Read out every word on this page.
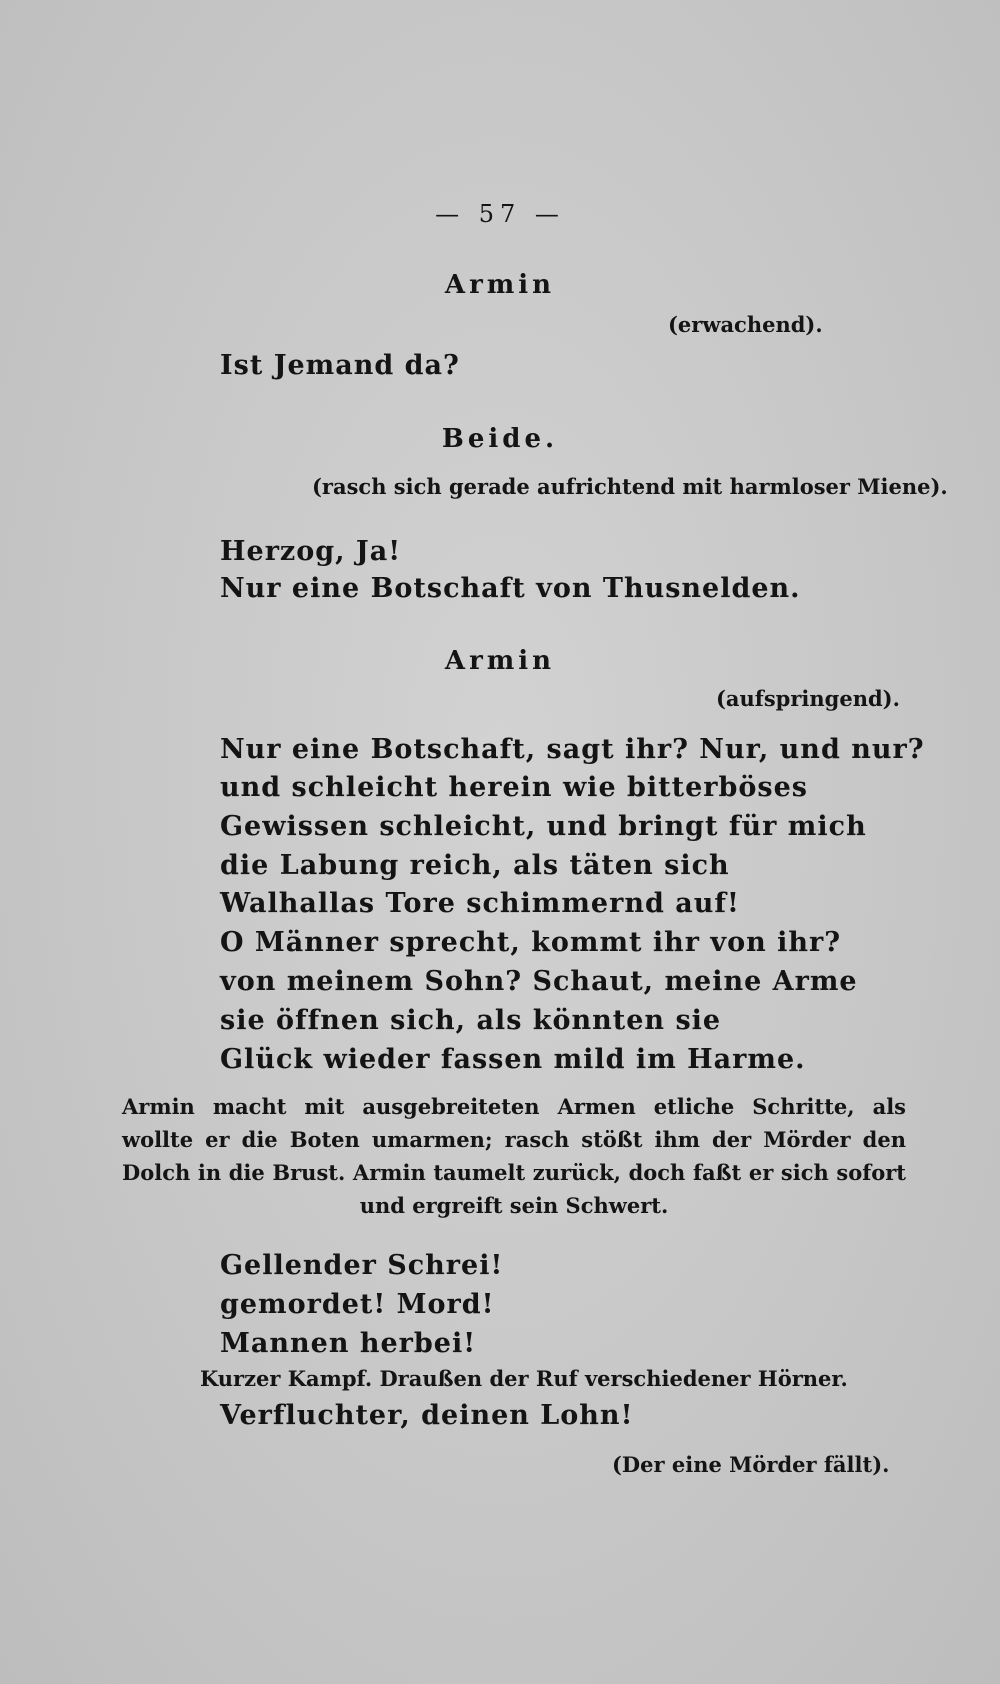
— 57 —
Armin
(erwachend).
Ist Jemand da?
Beide.
(rasch sich gerade aufrichtend mit harmloser Miene).
Herzog, Ja!
Nur eine Botschaft von Thusnelden.
Armin
(aufspringend).
Nur eine Botschaft, sagt ihr? Nur, und nur?
und schleicht herein wie bitterböses
Gewissen schleicht, und bringt für mich
die Labung reich, als täten sich
Walhallas Tore schimmernd auf!
O Männer sprecht, kommt ihr von ihr?
von meinem Sohn? Schaut, meine Arme
sie öffnen sich, als könnten sie
Glück wieder fassen mild im Harme.
Armin macht mit ausgebreiteten Armen etliche Schritte, als wollte er die Boten umarmen; rasch stößt ihm der Mörder den Dolch in die Brust. Armin taumelt zurück, doch faßt er sich sofort und ergreift sein Schwert.
Gellender Schrei!
gemordet! Mord!
Mannen herbei!
Kurzer Kampf. Draußen der Ruf verschiedener Hörner.
Verfluchter, deinen Lohn!
(Der eine Mörder fällt).
